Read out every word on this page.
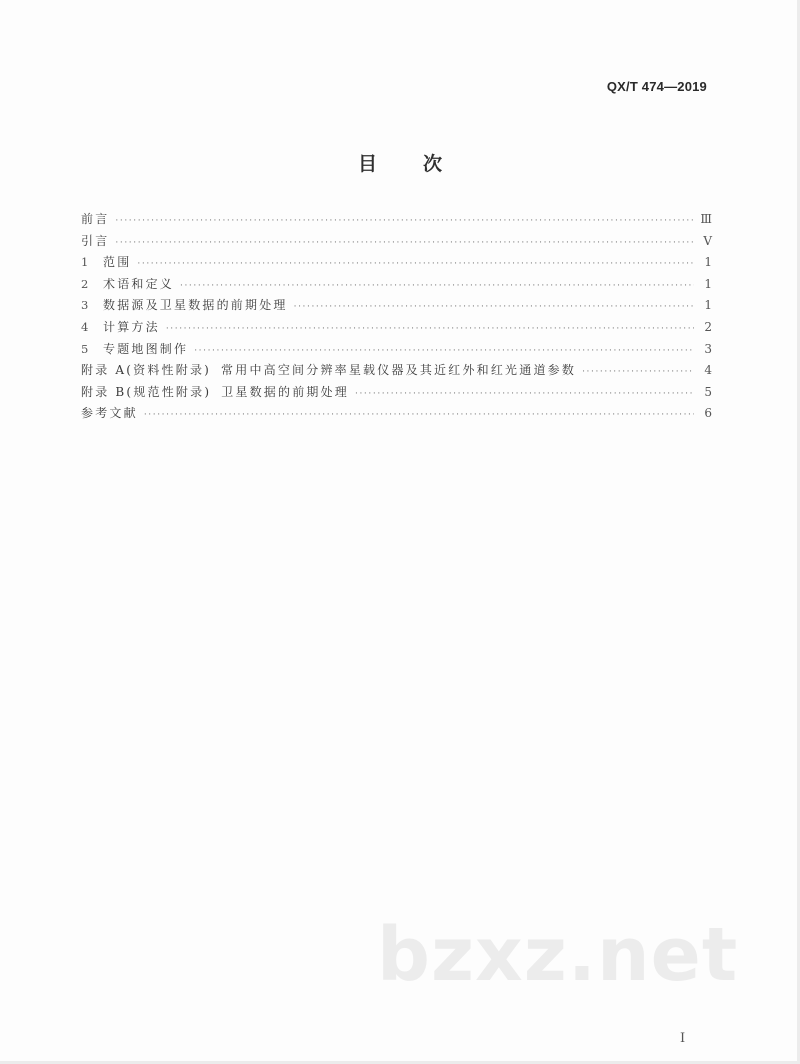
QX/T 474—2019
目次
前言 ·····	Ⅲ
引言 ·····	Ⅴ
1	范围 ·····	1
2	术语和定义 ·····	1
3	数据源及卫星数据的前期处理 ·····	1
4	计算方法 ·····	2
5	专题地图制作 ·····	3
附录 A(资料性附录) 常用中高空间分辨率星载仪器及其近红外和红光通道参数 ·····	4
附录 B(规范性附录) 卫星数据的前期处理 ·····	5
参考文献 ·····	6
bzxz.net
I
